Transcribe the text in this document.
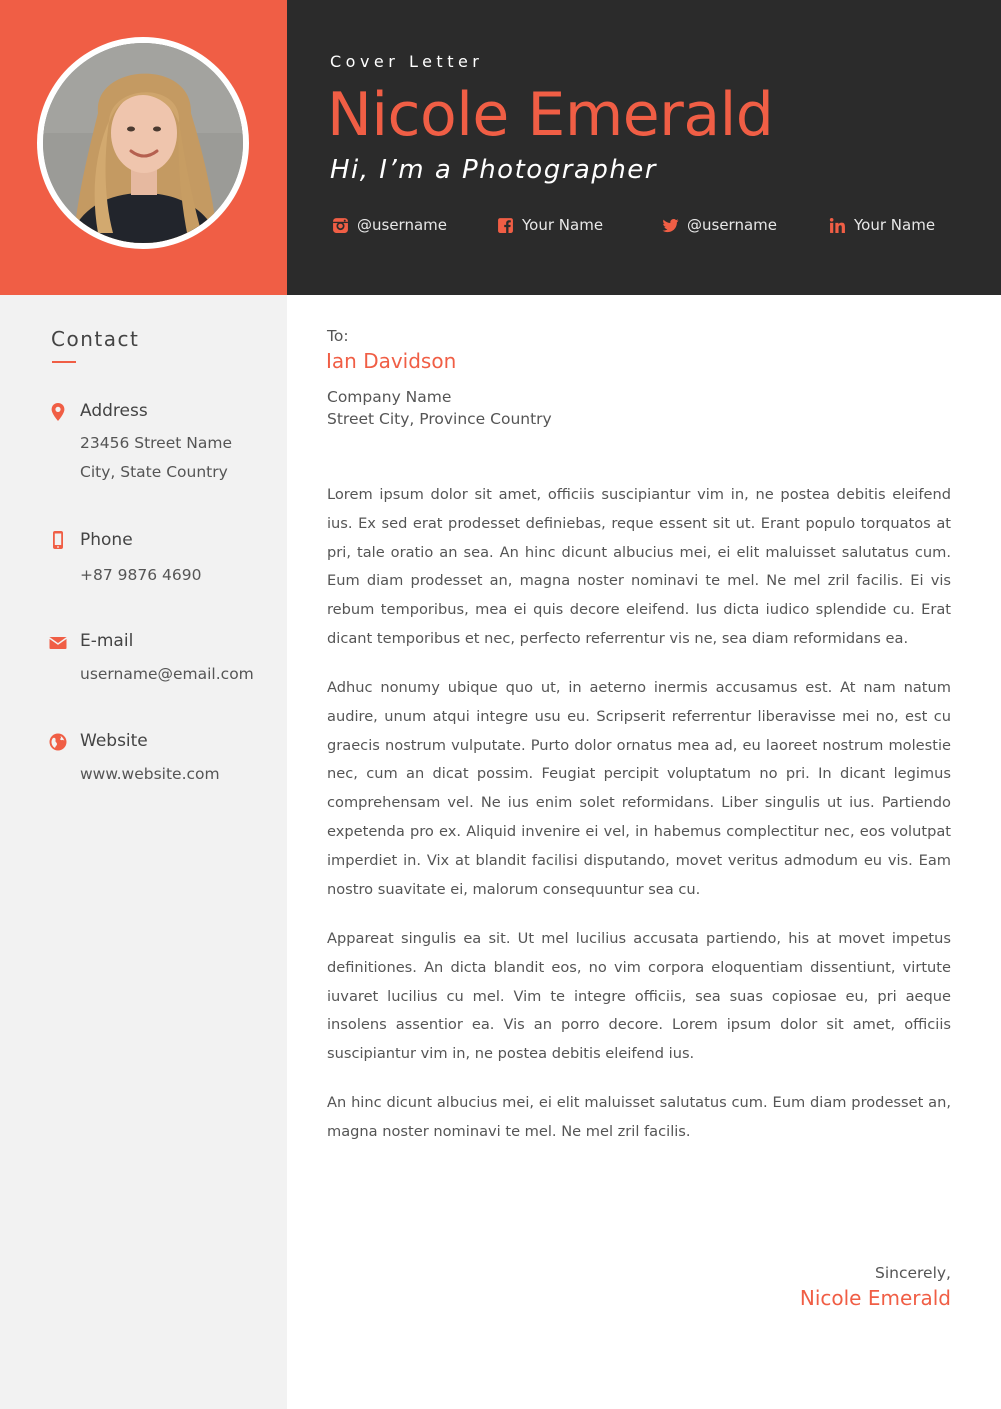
Cover Letter
Nicole Emerald
Hi, I’m a Photographer
@username	Your Name	@username	Your Name
Contact
Address
23456 Street Name
City, State Country
Phone
+87 9876 4690
E-mail
username@email.com
Website
www.website.com
To:
Ian Davidson
Company Name
Street City, Province Country

Lorem ipsum dolor sit amet, officiis suscipiantur vim in, ne postea debitis eleifend ius. Ex sed erat prodesset definiebas, reque essent sit ut. Erant populo torquatos at pri, tale oratio an sea. An hinc dicunt albucius mei, ei elit maluisset salutatus cum. Eum diam prodesset an, magna noster nominavi te mel. Ne mel zril facilis. Ei vis rebum temporibus, mea ei quis decore eleifend. Ius dicta iudico splendide cu. Erat dicant temporibus et nec, perfecto referrentur vis ne, sea diam reformidans ea.

Adhuc nonumy ubique quo ut, in aeterno inermis accusamus est. At nam natum audire, unum atqui integre usu eu. Scripserit referrentur liberavisse mei no, est cu graecis nostrum vulputate. Purto dolor ornatus mea ad, eu laoreet nostrum molestie nec, cum an dicat possim. Feugiat percipit voluptatum no pri. In dicant legimus comprehensam vel. Ne ius enim solet reformidans. Liber singulis ut ius. Partiendo expetenda pro ex. Aliquid invenire ei vel, in habemus complectitur nec, eos volutpat imperdiet in. Vix at blandit facilisi disputando, movet veritus admodum eu vis. Eam nostro suavitate ei, malorum consequuntur sea cu.

Appareat singulis ea sit. Ut mel lucilius accusata partiendo, his at movet impetus definitiones. An dicta blandit eos, no vim corpora eloquentiam dissentiunt, virtute iuvaret lucilius cu mel. Vim te integre officiis, sea suas copiosae eu, pri aeque insolens assentior ea. Vis an porro decore. Lorem ipsum dolor sit amet, officiis suscipiantur vim in, ne postea debitis eleifend ius.

An hinc dicunt albucius mei, ei elit maluisset salutatus cum. Eum diam prodesset an, magna noster nominavi te mel. Ne mel zril facilis.

Sincerely,
Nicole Emerald
